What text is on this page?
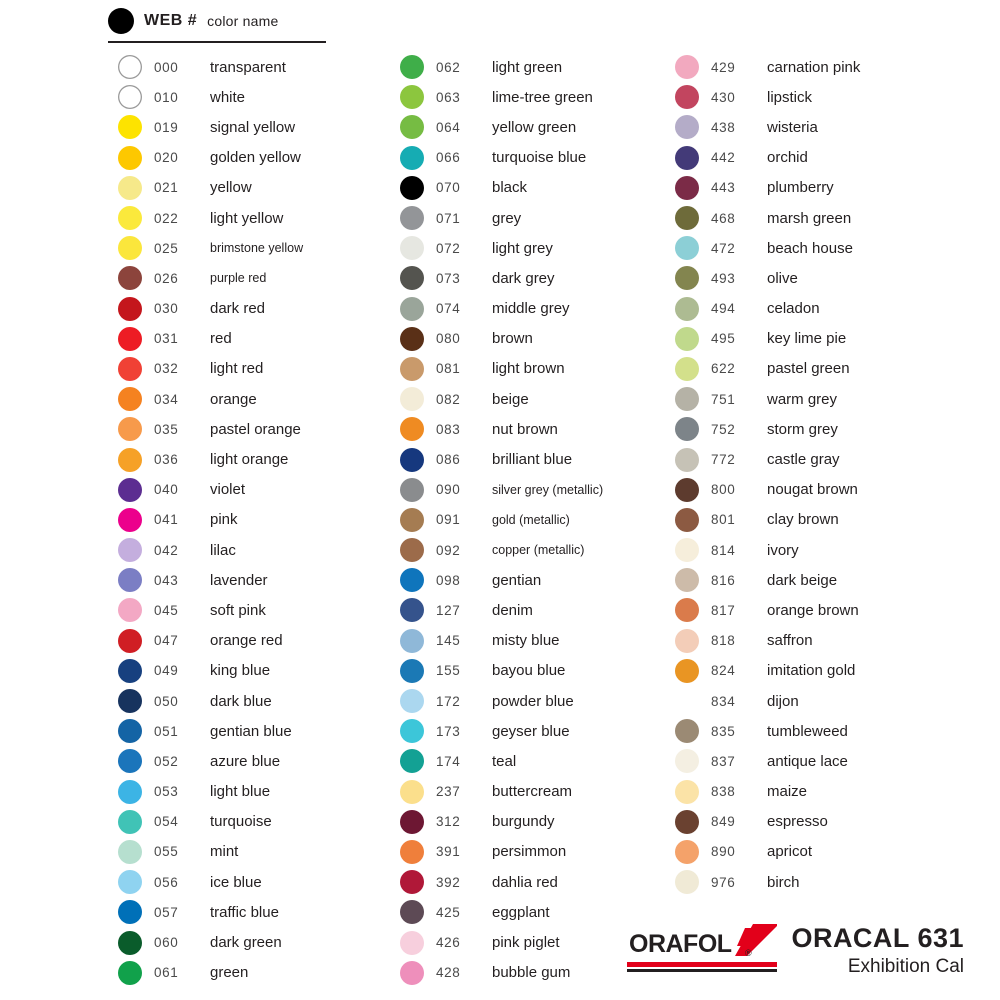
WEB # color name
000	transparent
010	white
019	signal yellow
020	golden yellow
021	yellow
022	light yellow
025	brimstone yellow
026	purple red
030	dark red
031	red
032	light red
034	orange
035	pastel orange
036	light orange
040	violet
041	pink
042	lilac
043	lavender
045	soft pink
047	orange red
049	king blue
050	dark blue
051	gentian blue
052	azure blue
053	light blue
054	turquoise
055	mint
056	ice blue
057	traffic blue
060	dark green
061	green
062	light green
063	lime-tree green
064	yellow green
066	turquoise blue
070	black
071	grey
072	light grey
073	dark grey
074	middle grey
080	brown
081	light brown
082	beige
083	nut brown
086	brilliant blue
090	silver grey (metallic)
091	gold (metallic)
092	copper (metallic)
098	gentian
127	denim
145	misty blue
155	bayou blue
172	powder blue
173	geyser blue
174	teal
237	buttercream
312	burgundy
391	persimmon
392	dahlia red
425	eggplant
426	pink piglet
428	bubble gum
429	carnation pink
430	lipstick
438	wisteria
442	orchid
443	plumberry
468	marsh green
472	beach house
493	olive
494	celadon
495	key lime pie
622	pastel green
751	warm grey
752	storm grey
772	castle gray
800	nougat brown
801	clay brown
814	ivory
816	dark beige
817	orange brown
818	saffron
824	imitation gold
834	dijon
835	tumbleweed
837	antique lace
838	maize
849	espresso
890	apricot
976	birch
ORAFOL ®
ORACAL 631
Exhibition Cal
